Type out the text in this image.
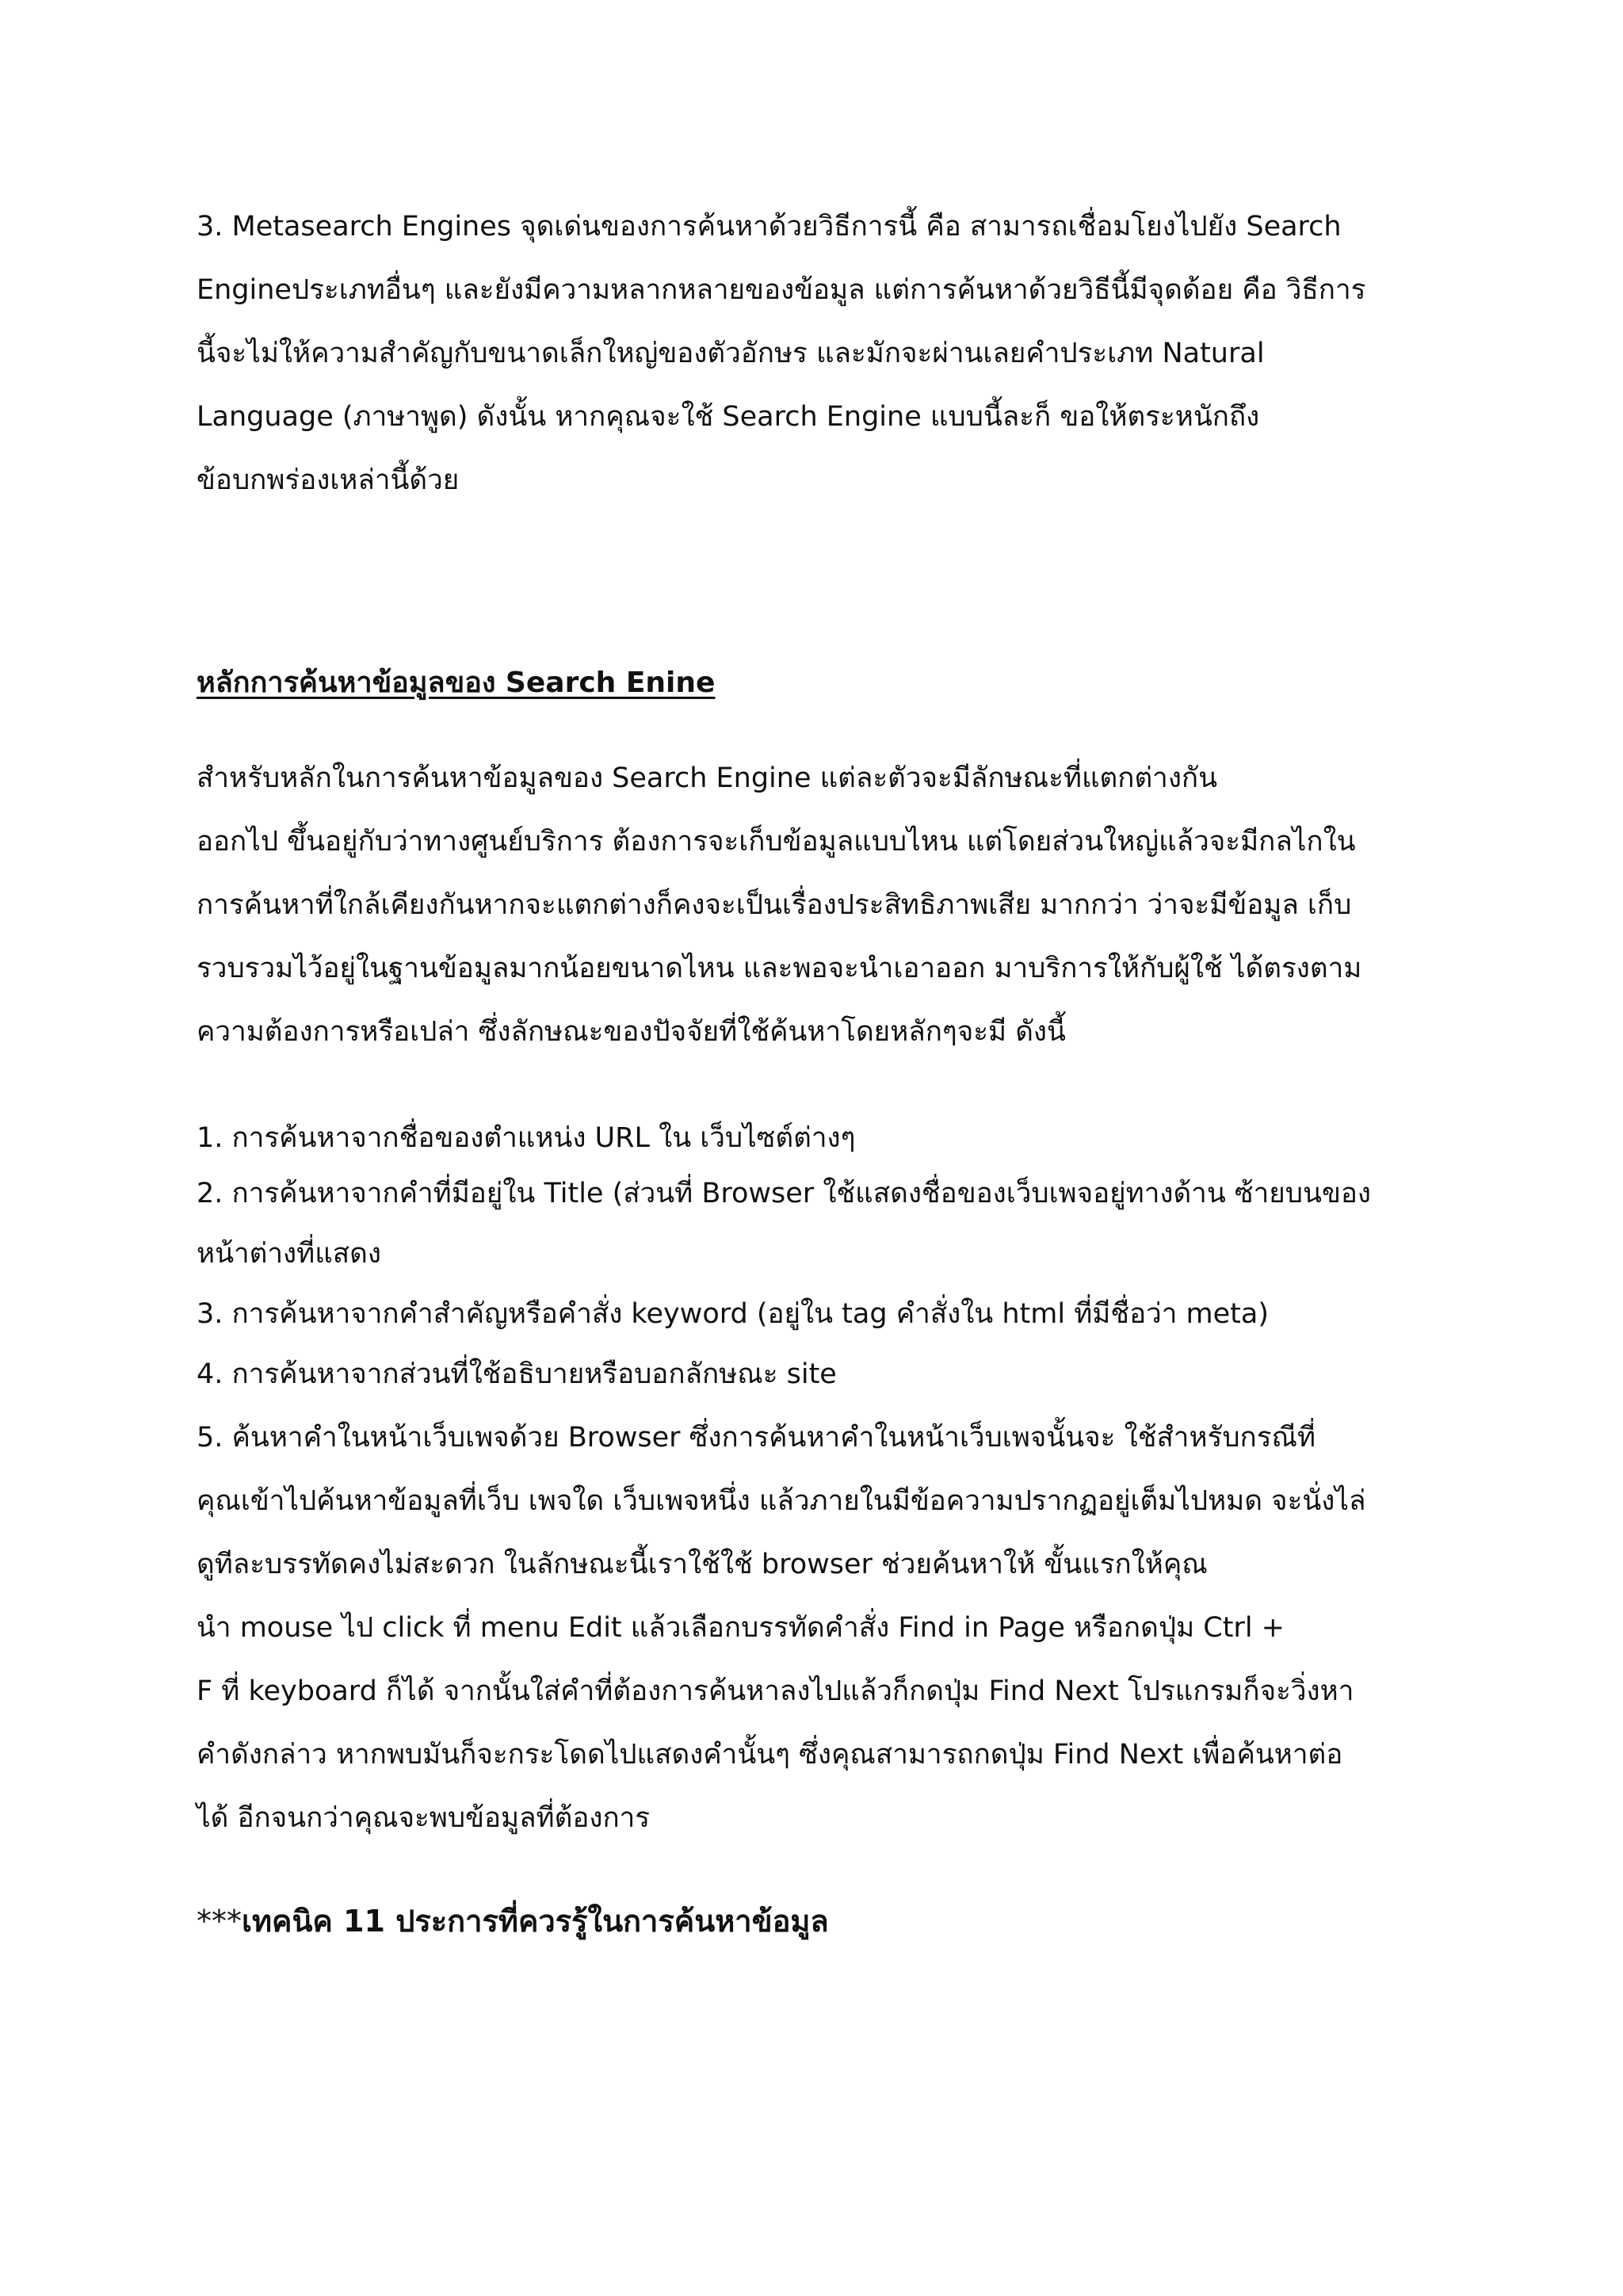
3. Metasearch Engines จุดเด่นของการค้นหาด้วยวิธีการนี้ คือ สามารถเชื่อมโยงไปยัง Search

Engineประเภทอื่นๆ และยังมีความหลากหลายของข้อมูล แต่การค้นหาด้วยวิธีนี้มีจุดด้อย คือ วิธีการ

นี้จะไม่ให้ความสำคัญกับขนาดเล็กใหญ่ของตัวอักษร และมักจะผ่านเลยคำประเภท Natural

Language (ภาษาพูด) ดังนั้น หากคุณจะใช้ Search Engine แบบนี้ละก็ ขอให้ตระหนักถึง

ข้อบกพร่องเหล่านี้ด้วย

หลักการค้นหาข้อมูลของ Search Enine

สำหรับหลักในการค้นหาข้อมูลของ Search Engine แต่ละตัวจะมีลักษณะที่แตกต่างกัน

ออกไป ขึ้นอยู่กับว่าทางศูนย์บริการ ต้องการจะเก็บข้อมูลแบบไหน แต่โดยส่วนใหญ่แล้วจะมีกลไกใน

การค้นหาที่ใกล้เคียงกันหากจะแตกต่างก็คงจะเป็นเรื่องประสิทธิภาพเสีย มากกว่า ว่าจะมีข้อมูล เก็บ

รวบรวมไว้อยู่ในฐานข้อมูลมากน้อยขนาดไหน และพอจะนำเอาออก มาบริการให้กับผู้ใช้ ได้ตรงตาม

ความต้องการหรือเปล่า ซึ่งลักษณะของปัจจัยที่ใช้ค้นหาโดยหลักๆจะมี ดังนี้

1. การค้นหาจากชื่อของตำแหน่ง URL ใน เว็บไซต์ต่างๆ

2. การค้นหาจากคำที่มีอยู่ใน Title (ส่วนที่ Browser ใช้แสดงชื่อของเว็บเพจอยู่ทางด้าน ซ้ายบนของ

หน้าต่างที่แสดง

3. การค้นหาจากคำสำคัญหรือคำสั่ง keyword (อยู่ใน tag คำสั่งใน html ที่มีชื่อว่า meta)

4. การค้นหาจากส่วนที่ใช้อธิบายหรือบอกลักษณะ site

5. ค้นหาคำในหน้าเว็บเพจด้วย Browser ซึ่งการค้นหาคำในหน้าเว็บเพจนั้นจะ ใช้สำหรับกรณีที่

คุณเข้าไปค้นหาข้อมูลที่เว็บ เพจใด เว็บเพจหนึ่ง แล้วภายในมีข้อความปรากฏอยู่เต็มไปหมด จะนั่งไล่

ดูทีละบรรทัดคงไม่สะดวก ในลักษณะนี้เราใช้ใช้ browser ช่วยค้นหาให้ ขั้นแรกให้คุณ

นำ mouse ไป click ที่ menu Edit แล้วเลือกบรรทัดคำสั่ง Find in Page หรือกดปุ่ม Ctrl +

F ที่ keyboard ก็ได้ จากนั้นใส่คำที่ต้องการค้นหาลงไปแล้วก็กดปุ่ม Find Next โปรแกรมก็จะวิ่งหา

คำดังกล่าว หากพบมันก็จะกระโดดไปแสดงคำนั้นๆ ซึ่งคุณสามารถกดปุ่ม Find Next เพื่อค้นหาต่อ

ได้ อีกจนกว่าคุณจะพบข้อมูลที่ต้องการ

***เทคนิค 11 ประการที่ควรรู้ในการค้นหาข้อมูล
